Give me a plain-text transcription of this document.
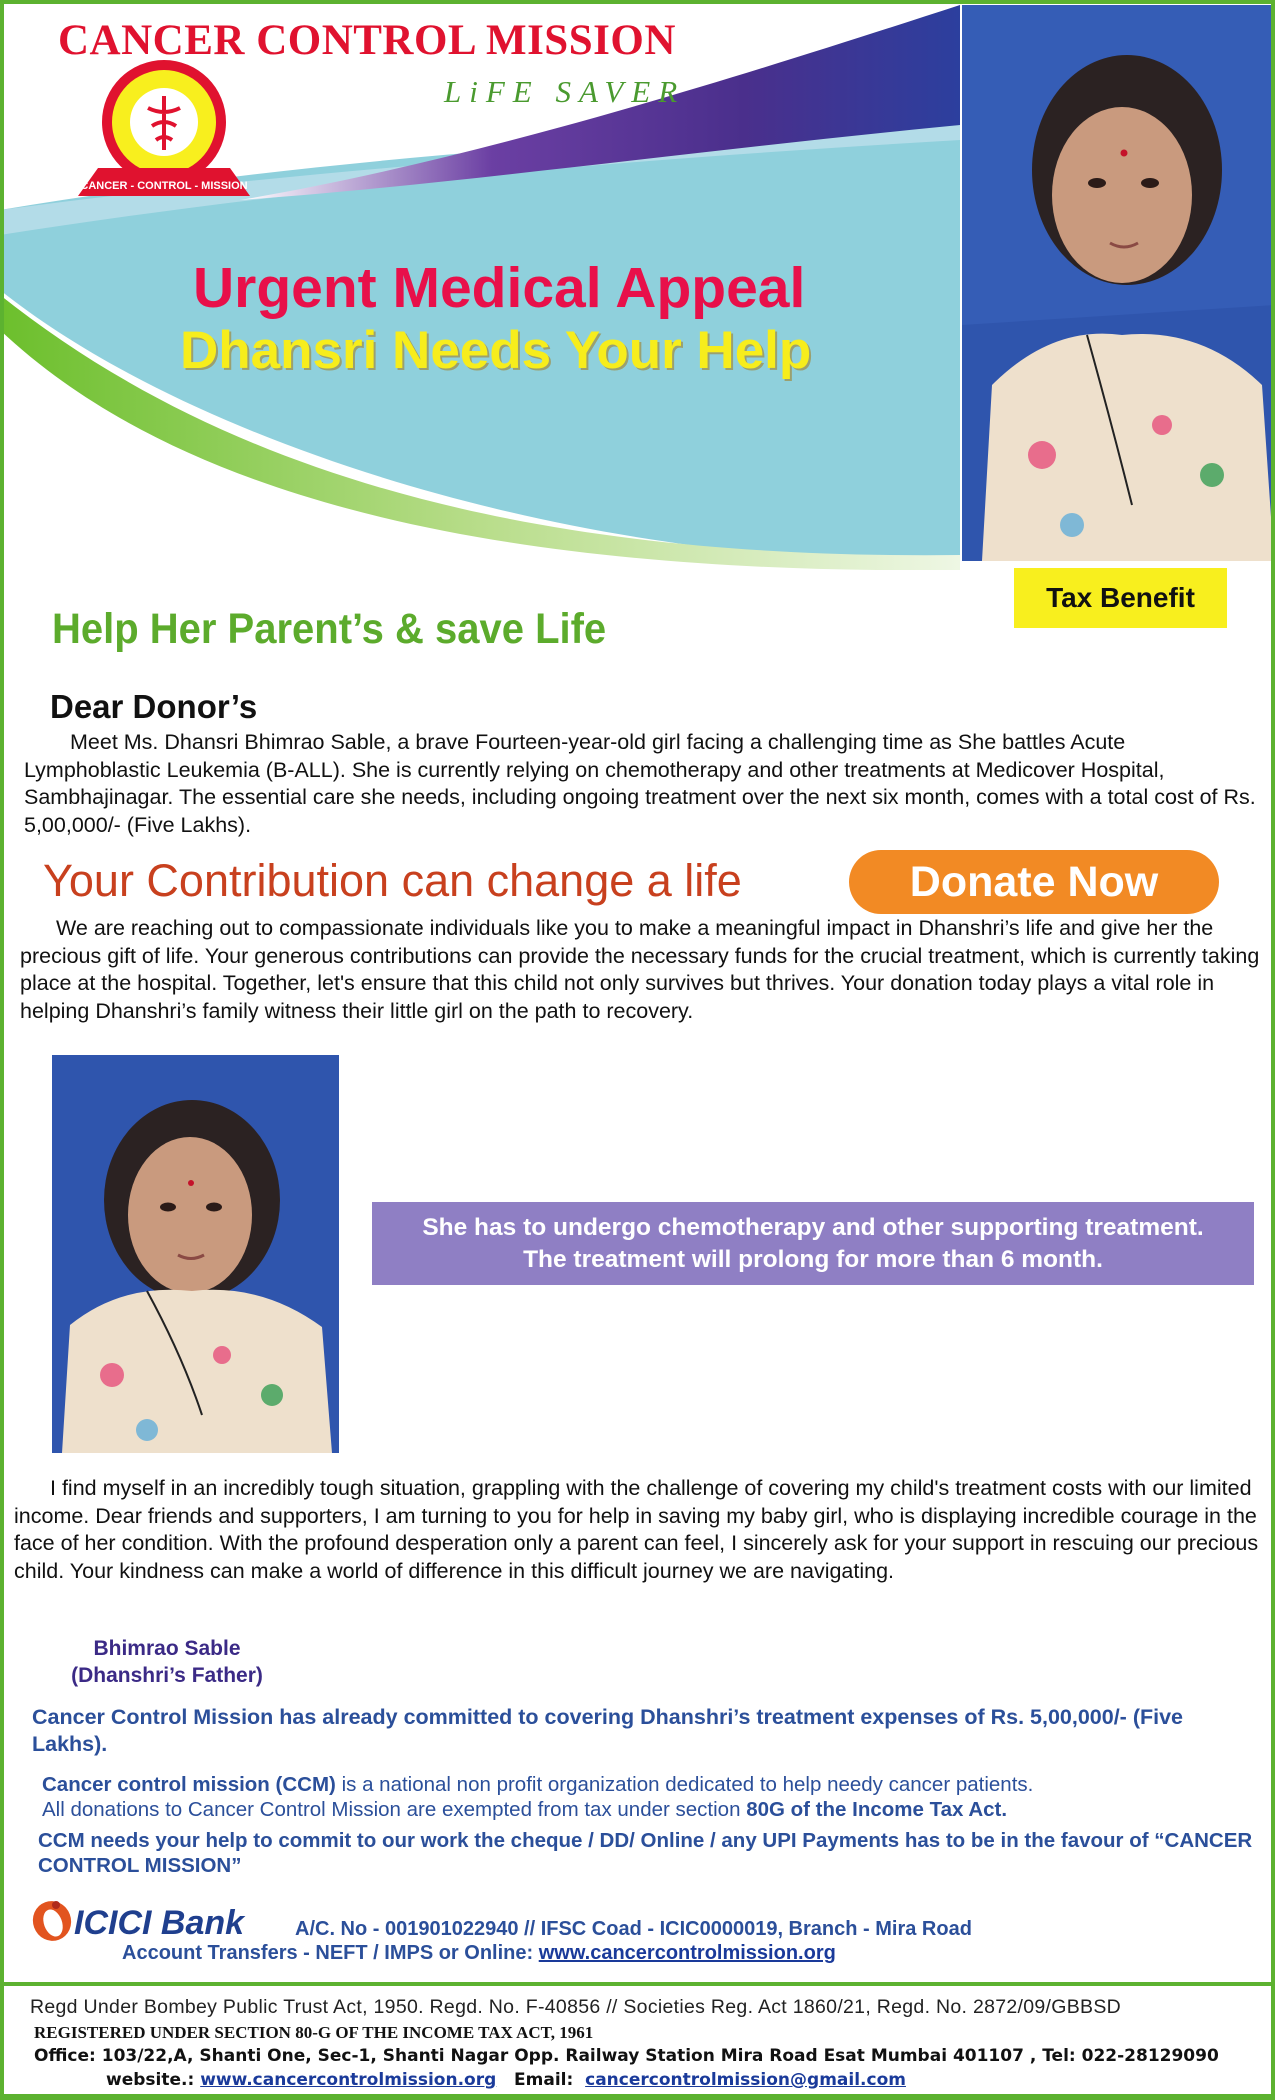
CANCER - CONTROL - MISSION
CANCER CONTROL MISSION
LiFE SAVER
Urgent Medical Appeal
Dhansri Needs Your Help
Tax Benefit
Help Her Parent’s & save Life
Dear Donor’s
Meet Ms. Dhansri Bhimrao Sable, a brave Fourteen-year-old girl facing a challenging time as She battles Acute Lymphoblastic Leukemia (B-ALL). She is currently relying on chemotherapy and other treatments at Medicover Hospital, Sambhajinagar. The essential care she needs, including ongoing treatment over the next six month, comes with a total cost of Rs. 5,00,000/- (Five Lakhs).
Your Contribution can change a life	Donate Now
We are reaching out to compassionate individuals like you to make a meaningful impact in Dhanshri’s life and give her the precious gift of life. Your generous contributions can provide the necessary funds for the crucial treatment, which is currently taking place at the hospital. Together, let's ensure that this child not only survives but thrives. Your donation today plays a vital role in helping Dhanshri’s family witness their little girl on the path to recovery.
She has to undergo chemotherapy and other supporting treatment.
The treatment will prolong for more than 6 month.
I find myself in an incredibly tough situation, grappling with the challenge of covering my child's treatment costs with our limited income. Dear friends and supporters, I am turning to you for help in saving my baby girl, who is displaying incredible courage in the face of her condition. With the profound desperation only a parent can feel, I sincerely ask for your support in rescuing our precious child. Your kindness can make a world of difference in this difficult journey we are navigating.
Bhimrao Sable
(Dhanshri’s Father)
Cancer Control Mission has already committed to covering Dhanshri’s treatment expenses of Rs. 5,00,000/- (Five Lakhs).
Cancer control mission (CCM) is a national non profit organization dedicated to help needy cancer patients.
All donations to Cancer Control Mission are exempted from tax under section 80G of the Income Tax Act.
CCM needs your help to commit to our work the cheque / DD/ Online / any UPI Payments has to be in the favour of “CANCER CONTROL MISSION”
ICICI Bank	A/C. No - 001901022940 // IFSC Coad - ICIC0000019, Branch - Mira Road
Account Transfers - NEFT / IMPS or Online: www.cancercontrolmission.org
Regd Under Bombey Public Trust Act, 1950. Regd. No. F-40856 // Societies Reg. Act 1860/21, Regd. No. 2872/09/GBBSD
REGISTERED UNDER SECTION 80-G OF THE INCOME TAX ACT, 1961
Office: 103/22,A, Shanti One, Sec-1, Shanti Nagar Opp. Railway Station Mira Road Esat Mumbai 401107 , Tel: 022-28129090
website.: www.cancercontrolmission.org   Email:  cancercontrolmission@gmail.com
